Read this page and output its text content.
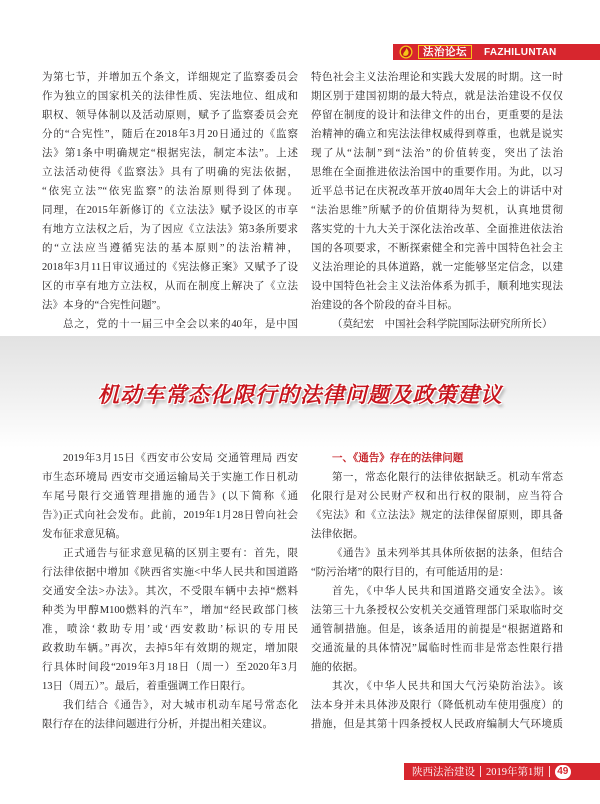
法治论坛	FAZHILUNTAN
为第七节，并增加五个条文，详细规定了监察委员会
作为独立的国家机关的法律性质、宪法地位、组成和
职权、领导体制以及活动原则，赋予了监察委员会充
分的“合宪性”，随后在2018年3月20日通过的《监察
法》第1条中明确规定“根据宪法，制定本法”。上述
立法活动使得《监察法》具有了明确的宪法依据，
“依宪立法”“依宪监察”的法治原则得到了体现。
同理，在2015年新修订的《立法法》赋予设区的市享
有地方立法权之后，为了因应《立法法》第3条所要求
的“立法应当遵循宪法的基本原则”的法治精神，
2018年3月11日审议通过的《宪法修正案》又赋予了设
区的市享有地方立法权，从而在制度上解决了《立法
法》本身的“合宪性问题”。
总之，党的十一届三中全会以来的40年，是中国
特色社会主义法治理论和实践大发展的时期。这一时
期区别于建国初期的最大特点，就是法治建设不仅仅
停留在制度的设计和法律文件的出台，更重要的是法
治精神的确立和宪法法律权威得到尊重，也就是说实
现了从“法制”到“法治”的价值转变，突出了法治
思维在全面推进依法治国中的重要作用。为此，以习
近平总书记在庆祝改革开放40周年大会上的讲话中对
“法治思维”所赋予的价值期待为契机，认真地贯彻
落实党的十九大关于深化法治改革、全面推进依法治
国的各项要求，不断探索健全和完善中国特色社会主
义法治理论的具体道路，就一定能够坚定信念，以建
设中国特色社会主义法治体系为抓手，顺利地实现法
治建设的各个阶段的奋斗目标。
（莫纪宏　中国社会科学院国际法研究所所长）
机动车常态化限行的法律问题及政策建议
2019年3月15日《西安市公安局 交通管理局 西安
市生态环境局 西安市交通运输局关于实施工作日机动
车尾号限行交通管理措施的通告》(以下简称《通
告》)正式向社会发布。此前，2019年1月28日曾向社会
发布征求意见稿。
正式通告与征求意见稿的区别主要有：首先，限
行法律依据中增加《陕西省实施<中华人民共和国道路
交通安全法>办法》。其次，不受限车辆中去掉“燃料
种类为甲醇M100燃料的汽车”，增加“经民政部门核
准，喷涂‘救助专用’或‘西安救助’标识的专用民
政救助车辆。”再次，去掉5年有效期的规定，增加限
行具体时间段“2019年3月18日（周一）至2020年3月
13日（周五）”。最后，着重强调工作日限行。
我们结合《通告》，对大城市机动车尾号常态化
限行存在的法律问题进行分析，并提出相关建议。
一、《通告》存在的法律问题
第一，常态化限行的法律依据缺乏。机动车常态
化限行是对公民财产权和出行权的限制，应当符合
《宪法》和《立法法》规定的法律保留原则，即具备
法律依据。
《通告》虽未列举其具体所依据的法条，但结合
“防污治堵”的限行目的，有可能适用的是：
首先，《中华人民共和国道路交通安全法》。该
法第三十九条授权公安机关交通管理部门采取临时交
通管制措施。但是，该条适用的前提是“根据道路和
交通流量的具体情况”属临时性而非是常态性限行措
施的依据。
其次，《中华人民共和国大气污染防治法》。该
法本身并未具体涉及限行（降低机动车使用强度）的
措施，但是其第十四条授权人民政府编制大气环境质
陕西法治建设 2019年第1期 49
